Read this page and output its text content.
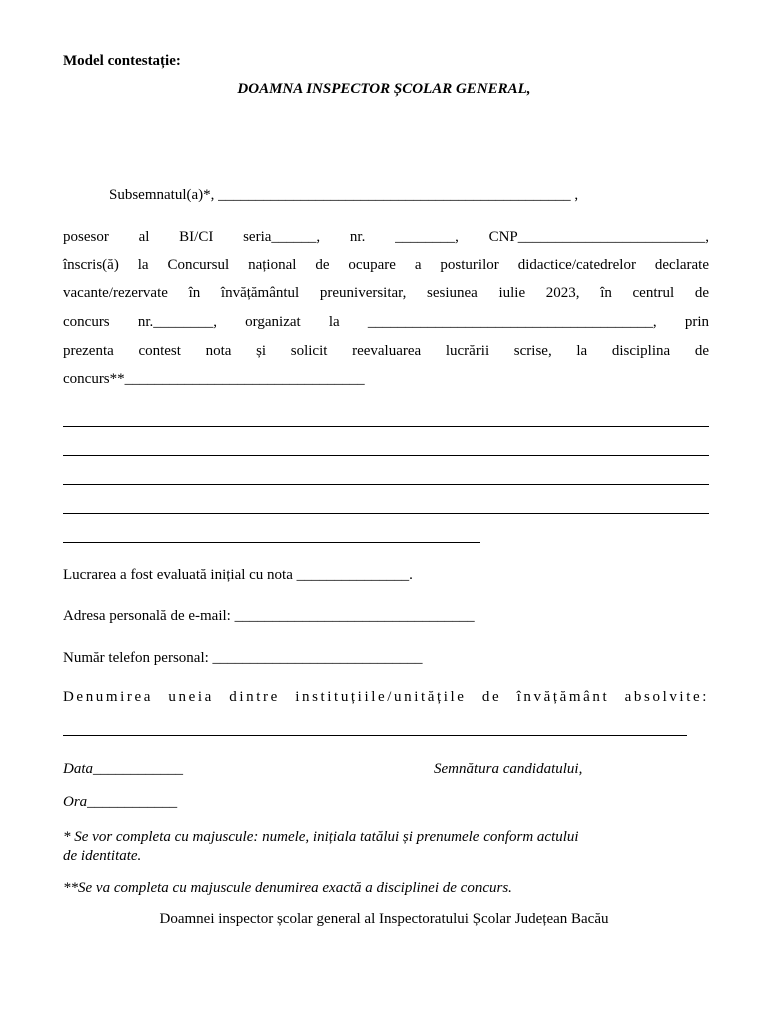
Model contestație:
DOAMNA INSPECTOR ȘCOLAR GENERAL,
Subsemnatul(a)*, _______________________________________________ ,
posesor al BI/CI seria______, nr. ________, CNP_________________________,
înscris(ă) la Concursul național de ocupare a posturilor didactice/catedrelor declarate
vacante/rezervate în învățământul preuniversitar, sesiunea iulie 2023, în centrul de
concurs nr.________, organizat la ______________________________________, prin
prezenta contest nota și solicit reevaluarea lucrării scrise, la disciplina de
concurs**________________________________
Lucrarea a fost evaluată inițial cu nota _______________.
Adresa personală de e-mail: ________________________________
Număr telefon personal: ____________________________
Denumirea uneia dintre instituțiile/unitățile de învățământ absolvite:
Data____________	Semnătura candidatului,
Ora____________
* Se vor completa cu majuscule: numele, inițiala tatălui și prenumele conform actului
de identitate.
**Se va completa cu majuscule denumirea exactă a disciplinei de concurs.
Doamnei inspector școlar general al Inspectoratului Școlar Județean Bacău
